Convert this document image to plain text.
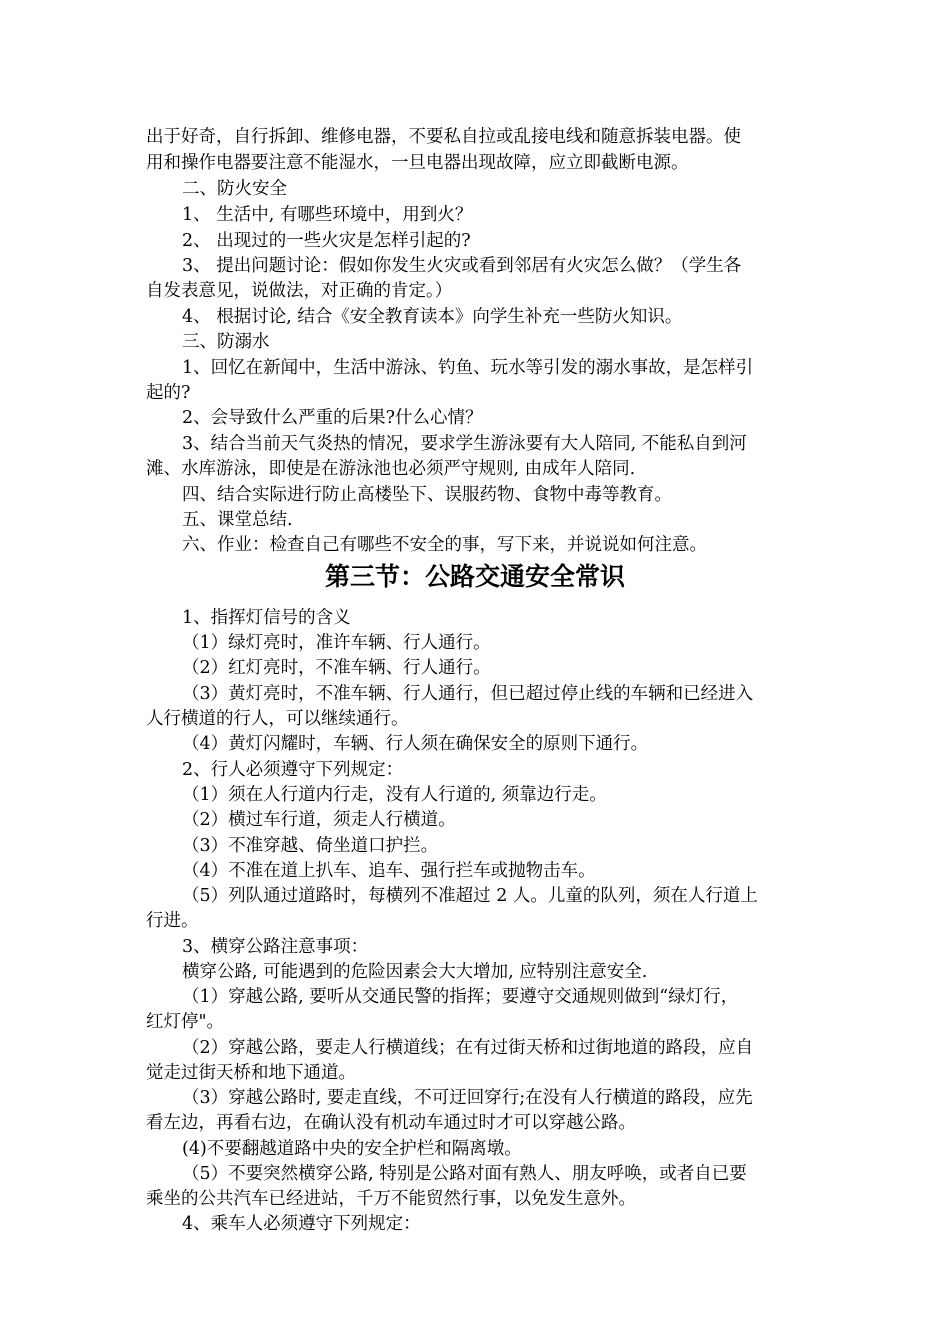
出于好奇，自行拆卸、维修电器，不要私自拉或乱接电线和随意拆装电器。使
用和操作电器要注意不能湿水，一旦电器出现故障，应立即截断电源。
二、防火安全
1、 生活中, 有哪些环境中，用到火？
2、 出现过的一些火灾是怎样引起的?
3、 提出问题讨论：假如你发生火灾或看到邻居有火灾怎么做？（学生各
自发表意见，说做法，对正确的肯定。）
4、 根据讨论, 结合《安全教育读本》向学生补充一些防火知识。
三、防溺水
1、回忆在新闻中，生活中游泳、钓鱼、玩水等引发的溺水事故，是怎样引
起的?
2、会导致什么严重的后果?什么心情？
3、结合当前天气炎热的情况，要求学生游泳要有大人陪同, 不能私自到河
滩、水库游泳，即使是在游泳池也必须严守规则, 由成年人陪同.
四、结合实际进行防止高楼坠下、误服药物、食物中毒等教育。
五、课堂总结.
六、作业：检查自己有哪些不安全的事，写下来，并说说如何注意。
第三节：公路交通安全常识
1、指挥灯信号的含义
（1）绿灯亮时，准许车辆、行人通行。
（2）红灯亮时，不准车辆、行人通行。
（3）黄灯亮时，不准车辆、行人通行，但已超过停止线的车辆和已经进入
人行横道的行人，可以继续通行。
（4）黄灯闪耀时，车辆、行人须在确保安全的原则下通行。
2、行人必须遵守下列规定：
（1）须在人行道内行走，没有人行道的, 须靠边行走。
（2）横过车行道，须走人行横道。
（3）不准穿越、倚坐道口护拦。
（4）不准在道上扒车、追车、强行拦车或抛物击车。
（5）列队通过道路时，每横列不准超过 2 人。儿童的队列，须在人行道上
行进。
3、横穿公路注意事项：
横穿公路, 可能遇到的危险因素会大大增加, 应特别注意安全.
（1）穿越公路, 要听从交通民警的指挥；要遵守交通规则做到“绿灯行，
红灯停"。
（2）穿越公路，要走人行横道线；在有过街天桥和过街地道的路段，应自
觉走过街天桥和地下通道。
（3）穿越公路时, 要走直线，不可迂回穿行;在没有人行横道的路段，应先
看左边，再看右边，在确认没有机动车通过时才可以穿越公路。
(4)不要翻越道路中央的安全护栏和隔离墩。
（5）不要突然横穿公路, 特别是公路对面有熟人、朋友呼唤，或者自已要
乘坐的公共汽车已经进站，千万不能贸然行事，以免发生意外。
4、乘车人必须遵守下列规定：
